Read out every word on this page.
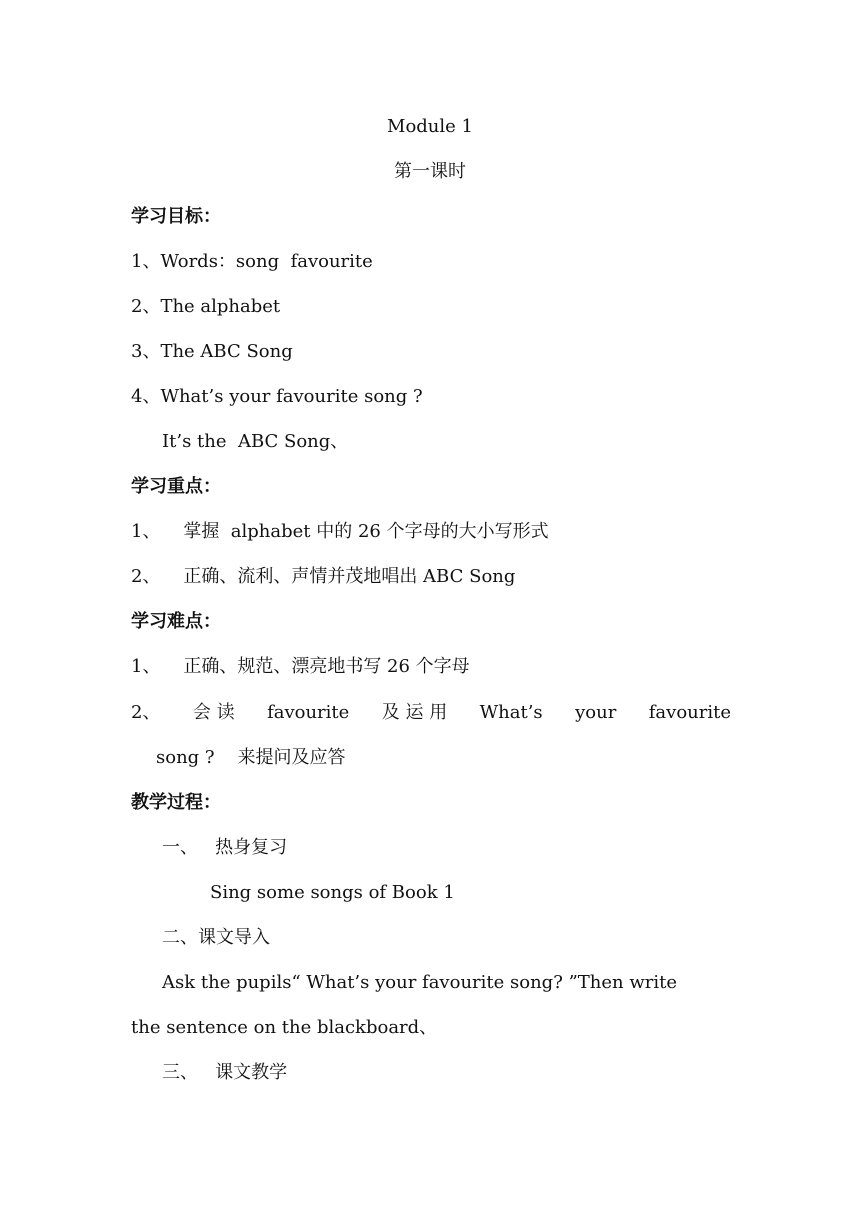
Module 1
第一课时
学习目标：
1、Words：song  favourite
2、The alphabet
3、The ABC Song
4、What’s your favourite song ?
It’s the  ABC Song、
学习重点：
1、    掌握  alphabet 中的 26 个字母的大小写形式
2、    正确、流利、声情并茂地唱出 ABC Song
学习难点：
1、    正确、规范、漂亮地书写 26 个字母
2、 会 读 favourite 及 运 用 What’s your favourite
song ?    来提问及应答
教学过程：
一、   热身复习
Sing some songs of Book 1
二、课文导入
Ask the pupils“ What’s your favourite song? ”Then write
the sentence on the blackboard、
三、   课文教学
